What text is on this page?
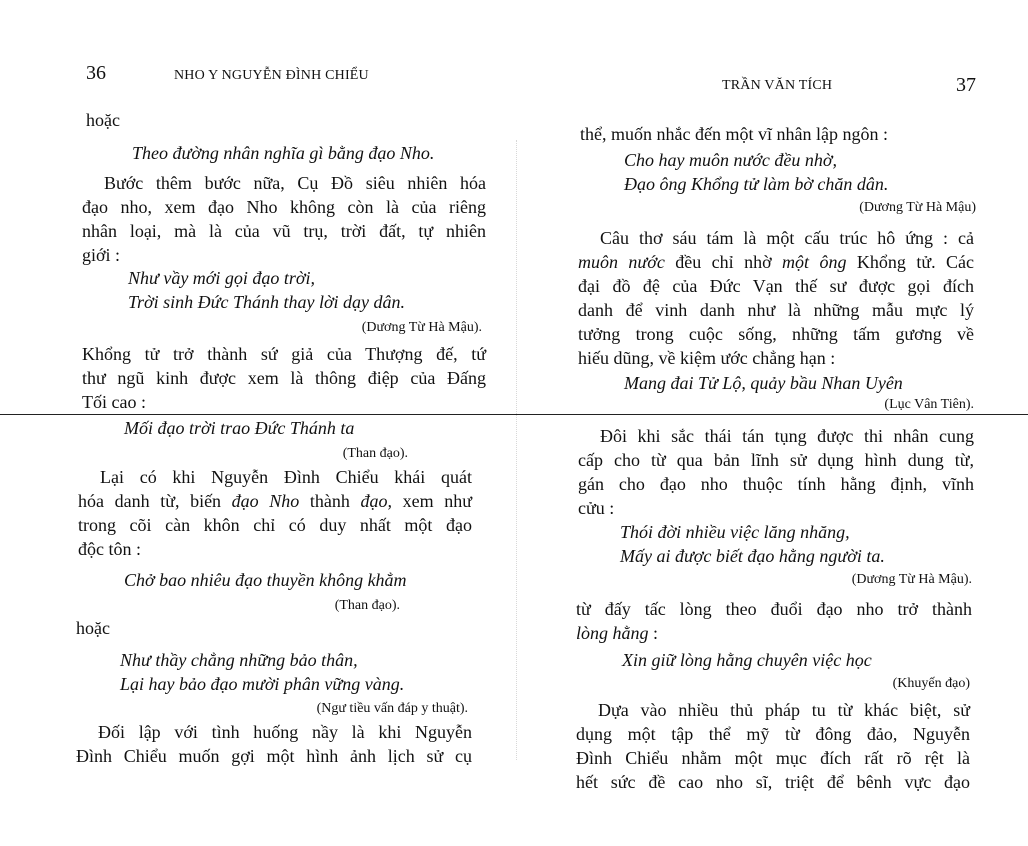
36	NHO Y NGUYỄN ĐÌNH CHIỂU
hoặc
Theo đường nhân nghĩa gì bằng đạo Nho.
Bước thêm bước nữa, Cụ Đồ siêu nhiên hóa
đạo nho, xem đạo Nho không còn là của riêng
nhân loại, mà là của vũ trụ, trời đất, tự nhiên
giới :
Như vầy mới gọi đạo trời,
Trời sinh Đức Thánh thay lời dạy dân.
(Dương Từ Hà Mậu).
Khổng tử trở thành sứ giả của Thượng đế, tứ
thư ngũ kinh được xem là thông điệp của Đấng
Tối cao :
Mối đạo trời trao Đức Thánh ta
(Than đạo).
Lại có khi Nguyễn Đình Chiểu khái quát
hóa danh từ, biến đạo Nho thành đạo, xem như
trong cõi càn khôn chỉ có duy nhất một đạo
độc tôn :
Chở bao nhiêu đạo thuyền không khẳm
(Than đạo).
hoặc
Như thầy chẳng những bảo thân,
Lại hay bảo đạo mười phân vững vàng.
(Ngư tiều vấn đáp y thuật).
Đối lập với tình huống nầy là khi Nguyễn
Đình Chiểu muốn gợi một hình ảnh lịch sử cụ
TRẦN VĂN TÍCH	37
thể, muốn nhắc đến một vĩ nhân lập ngôn :
Cho hay muôn nước đều nhờ,
Đạo ông Khổng tử làm bờ chăn dân.
(Dương Từ Hà Mậu)
Câu thơ sáu tám là một cấu trúc hô ứng : cả
muôn nước đều chỉ nhờ một ông Khổng tử. Các
đại đồ đệ của Đức Vạn thế sư được gọi đích
danh để vinh danh như là những mẫu mực lý
tưởng trong cuộc sống, những tấm gương về
hiếu dũng, về kiệm ước chẳng hạn :
Mang đai Tử Lộ, quảy bầu Nhan Uyên
(Lục Vân Tiên).
Đôi khi sắc thái tán tụng được thi nhân cung
cấp cho từ qua bản lĩnh sử dụng hình dung từ,
gán cho đạo nho thuộc tính hằng định, vĩnh
cửu :
Thói đời nhiều việc lăng nhăng,
Mấy ai được biết đạo hằng người ta.
(Dương Từ Hà Mậu).
từ đấy tấc lòng theo đuổi đạo nho trở thành
lòng hằng :
Xin giữ lòng hằng chuyên việc học
(Khuyến đạo)
Dựa vào nhiều thủ pháp tu từ khác biệt, sử
dụng một tập thể mỹ từ đông đảo, Nguyễn
Đình Chiểu nhằm một mục đích rất rõ rệt là
hết sức đề cao nho sĩ, triệt để bênh vực đạo
